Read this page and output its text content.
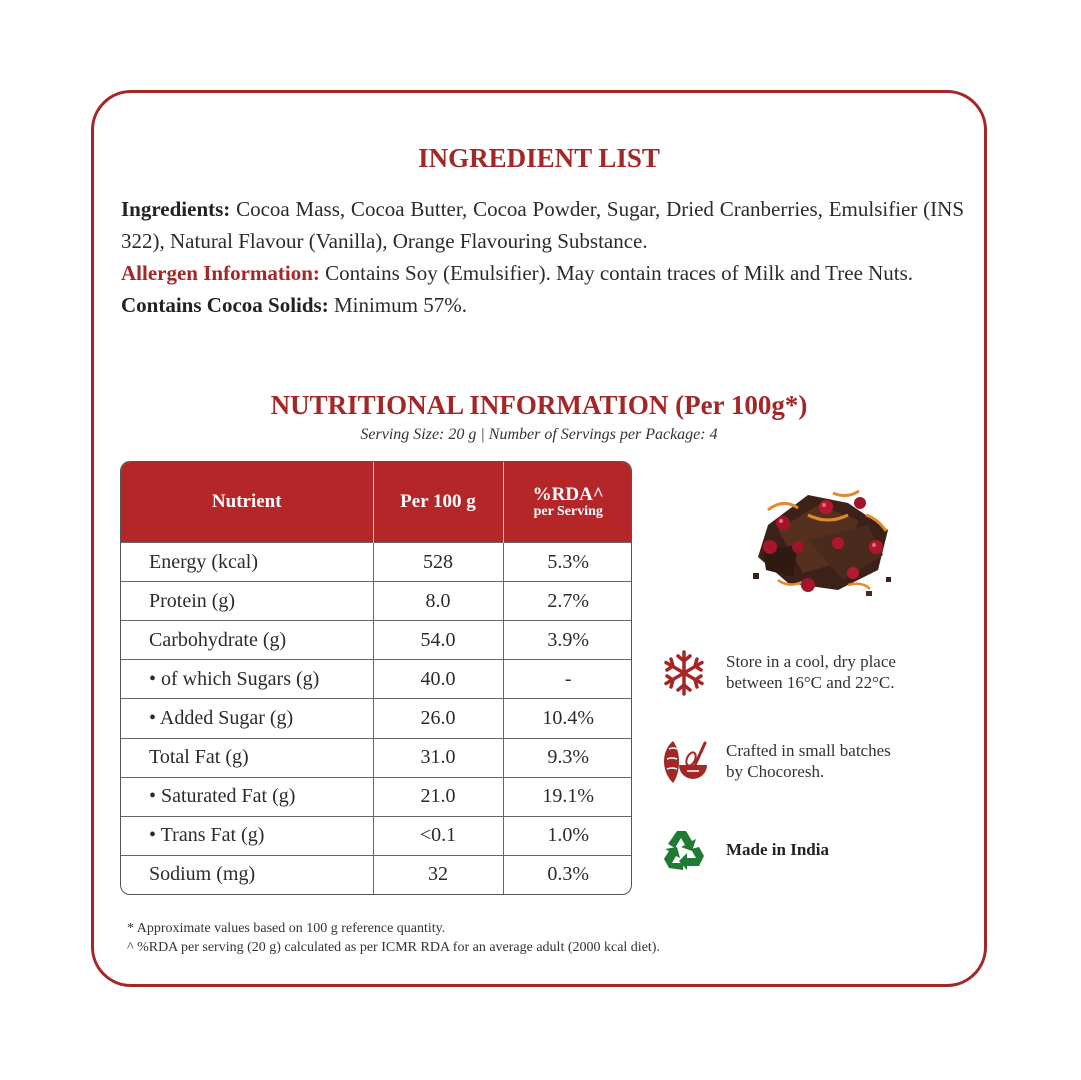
INGREDIENT LIST

Ingredients: Cocoa Mass, Cocoa Butter, Cocoa Powder, Sugar, Dried Cranberries, Emulsifier (INS 322), Natural Flavour (Vanilla), Orange Flavouring Substance.

Allergen Information: Contains Soy (Emulsifier). May contain traces of Milk and Tree Nuts.

Contains Cocoa Solids: Minimum 57%.

NUTRITIONAL INFORMATION (Per 100g*)

Serving Size: 20 g | Number of Servings per Package: 4

Nutrient	Per 100 g	%RDA^
per Serving

Energy (kcal)	528	5.3%
Protein (g)	8.0	2.7%
Carbohydrate (g)	54.0	3.9%
• of which Sugars (g)	40.0	-
• Added Sugar (g)	26.0	10.4%
Total Fat (g)	31.0	9.3%
• Saturated Fat (g)	21.0	19.1%
• Trans Fat (g)	<0.1	1.0%
Sodium (mg)	32	0.3%
Store in a cool, dry place
between 16°C and 22°C.
Crafted in small batches
by Chocoresh.
Made in India

* Approximate values based on 100 g reference quantity.

^ %RDA per serving (20 g) calculated as per ICMR RDA for an average adult (2000 kcal diet).
